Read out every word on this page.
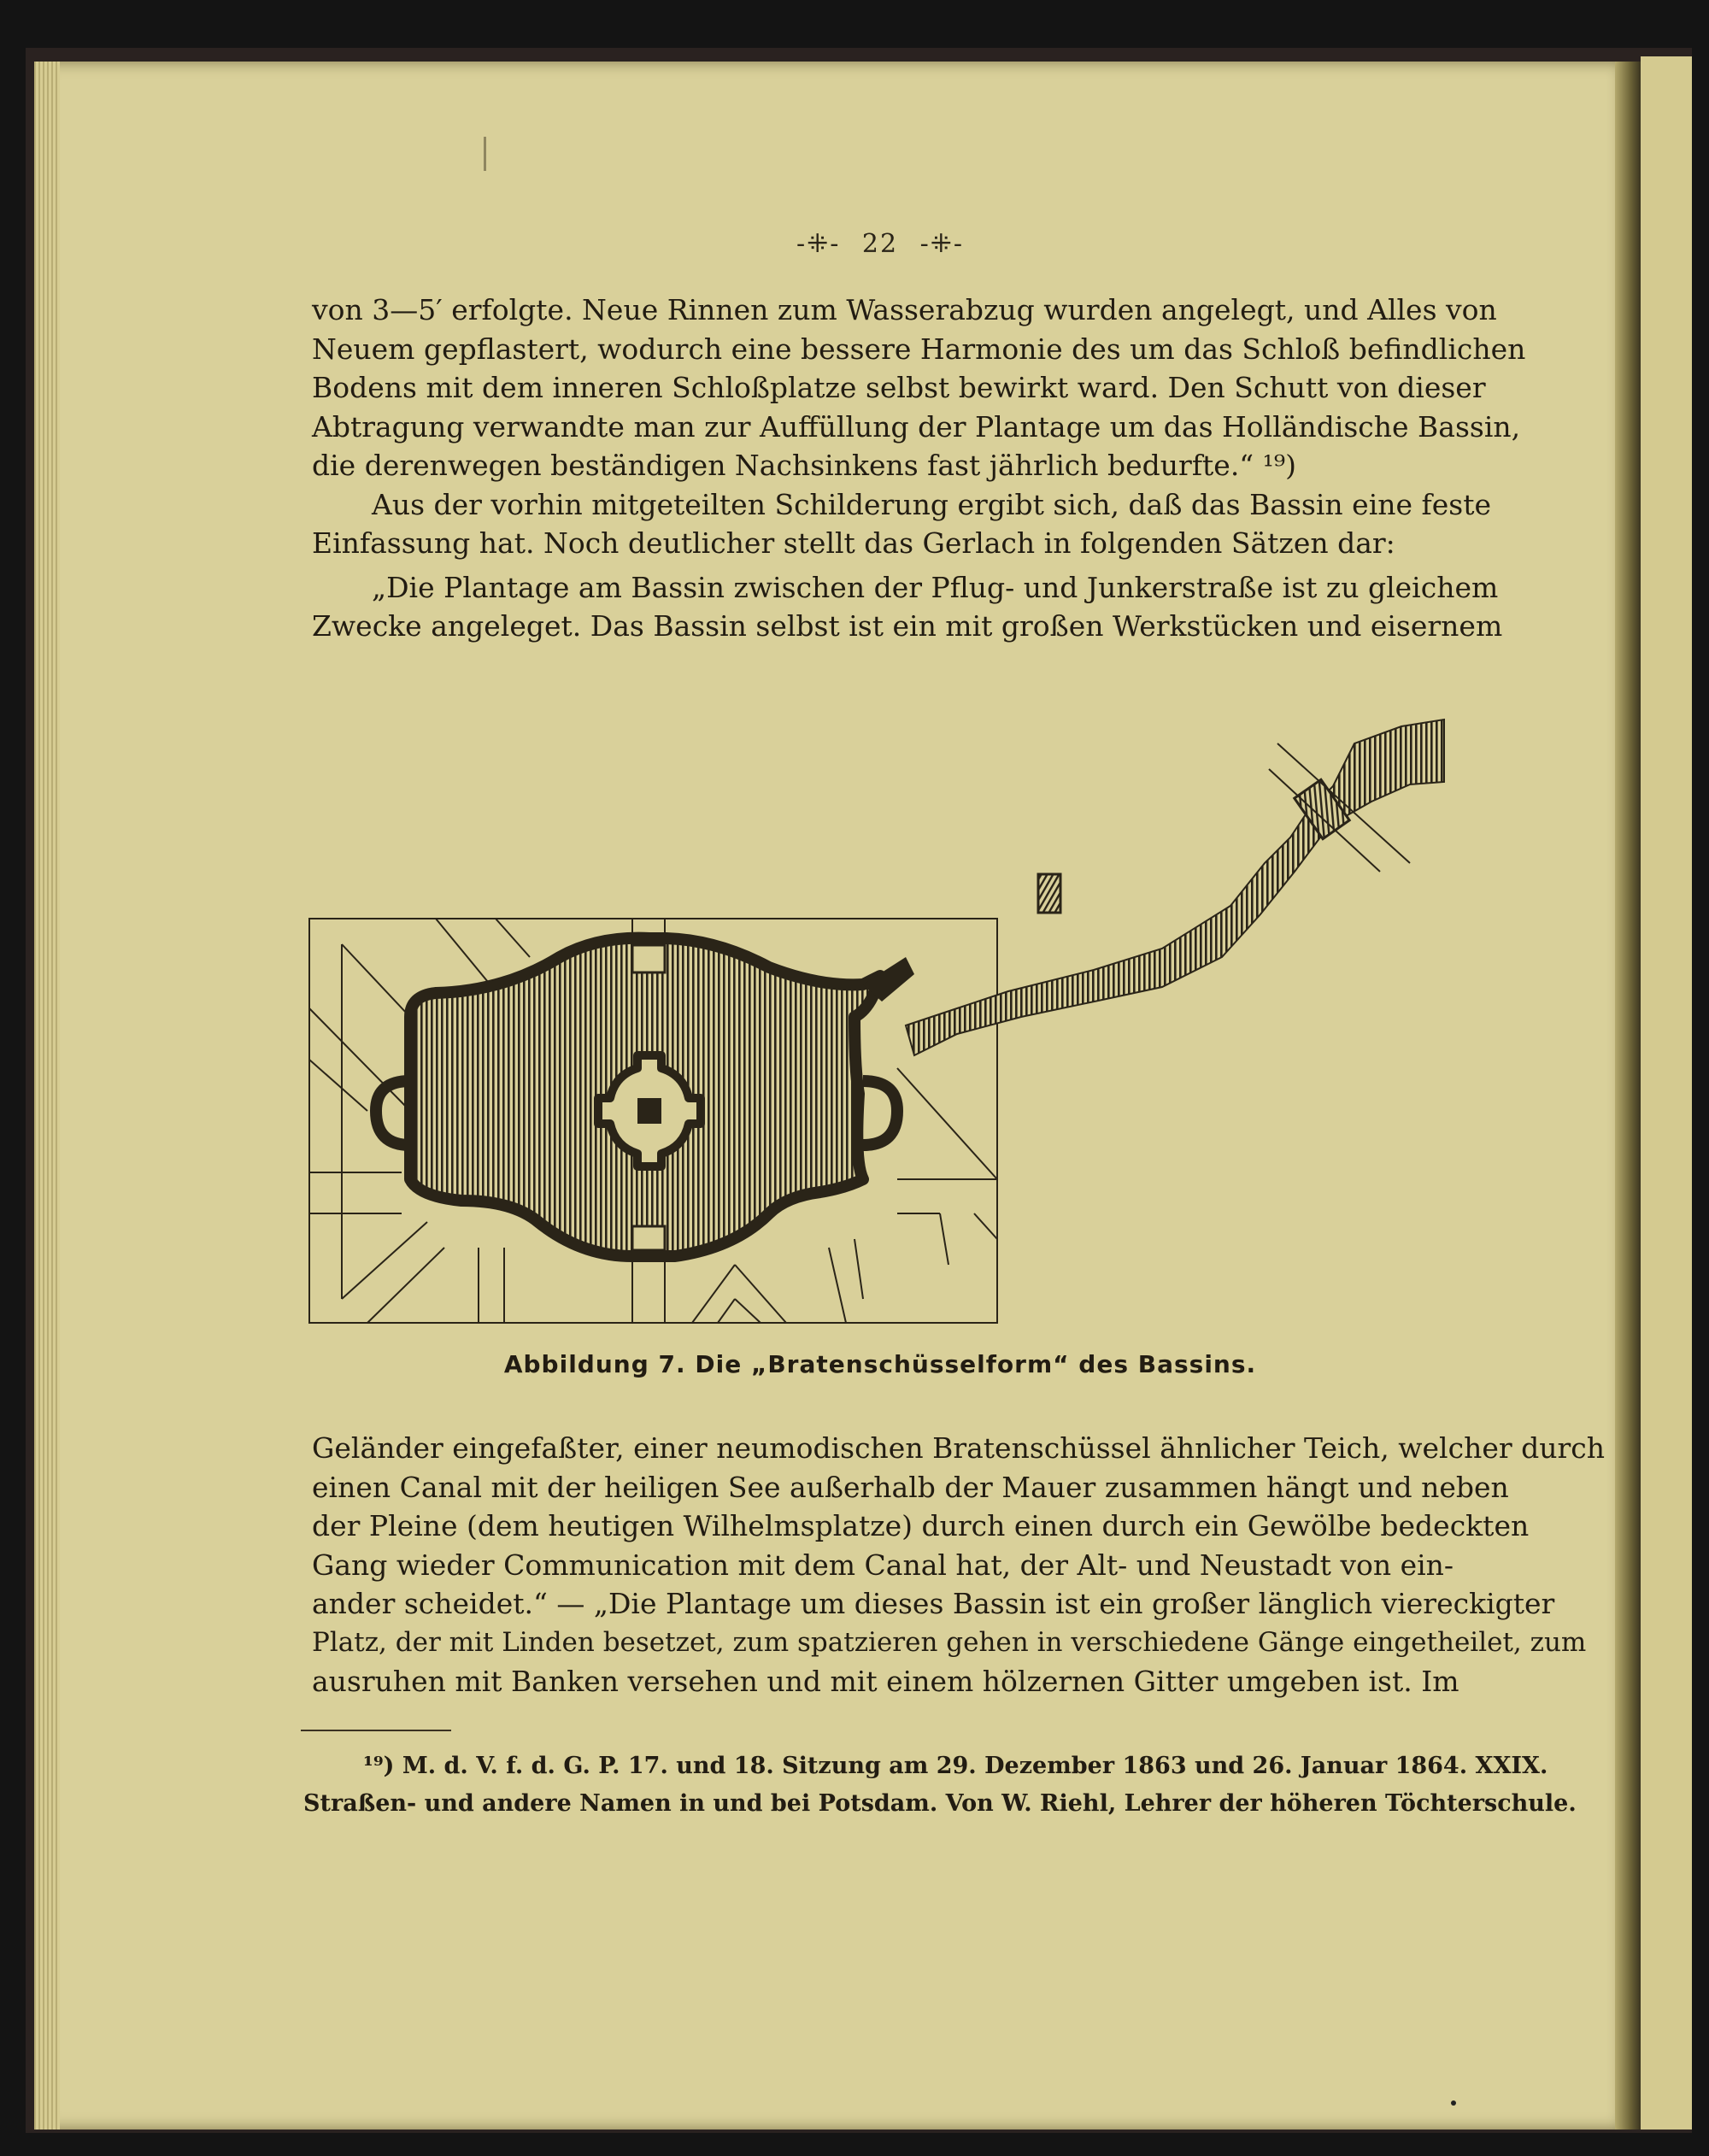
-⁜- 22 -⁜-
von 3—5′ erfolgte. Neue Rinnen zum Wasserabzug wurden angelegt, und Alles von
Neuem gepflastert, wodurch eine bessere Harmonie des um das Schloß befindlichen
Bodens mit dem inneren Schloßplatze selbst bewirkt ward. Den Schutt von dieser
Abtragung verwandte man zur Auffüllung der Plantage um das Holländische Bassin,
die derenwegen beständigen Nachsinkens fast jährlich bedurfte.“ ¹⁹)
Aus der vorhin mitgeteilten Schilderung ergibt sich, daß das Bassin eine feste
Einfassung hat. Noch deutlicher stellt das Gerlach in folgenden Sätzen dar:
„Die Plantage am Bassin zwischen der Pflug- und Junkerstraße ist zu gleichem
Zwecke angeleget. Das Bassin selbst ist ein mit großen Werkstücken und eisernem
Abbildung 7. Die „Bratenschüsselform“ des Bassins.
Geländer eingefaßter, einer neumodischen Bratenschüssel ähnlicher Teich, welcher durch
einen Canal mit der heiligen See außerhalb der Mauer zusammen hängt und neben
der Pleine (dem heutigen Wilhelmsplatze) durch einen durch ein Gewölbe bedeckten
Gang wieder Communication mit dem Canal hat, der Alt- und Neustadt von ein-
ander scheidet.“ — „Die Plantage um dieses Bassin ist ein großer länglich viereckigter
Platz, der mit Linden besetzet, zum spatzieren gehen in verschiedene Gänge eingetheilet, zum
ausruhen mit Banken versehen und mit einem hölzernen Gitter umgeben ist. Im
¹⁹) M. d. V. f. d. G. P. 17. und 18. Sitzung am 29. Dezember 1863 und 26. Januar 1864. XXIX.
Straßen- und andere Namen in und bei Potsdam. Von W. Riehl, Lehrer der höheren Töchterschule.
